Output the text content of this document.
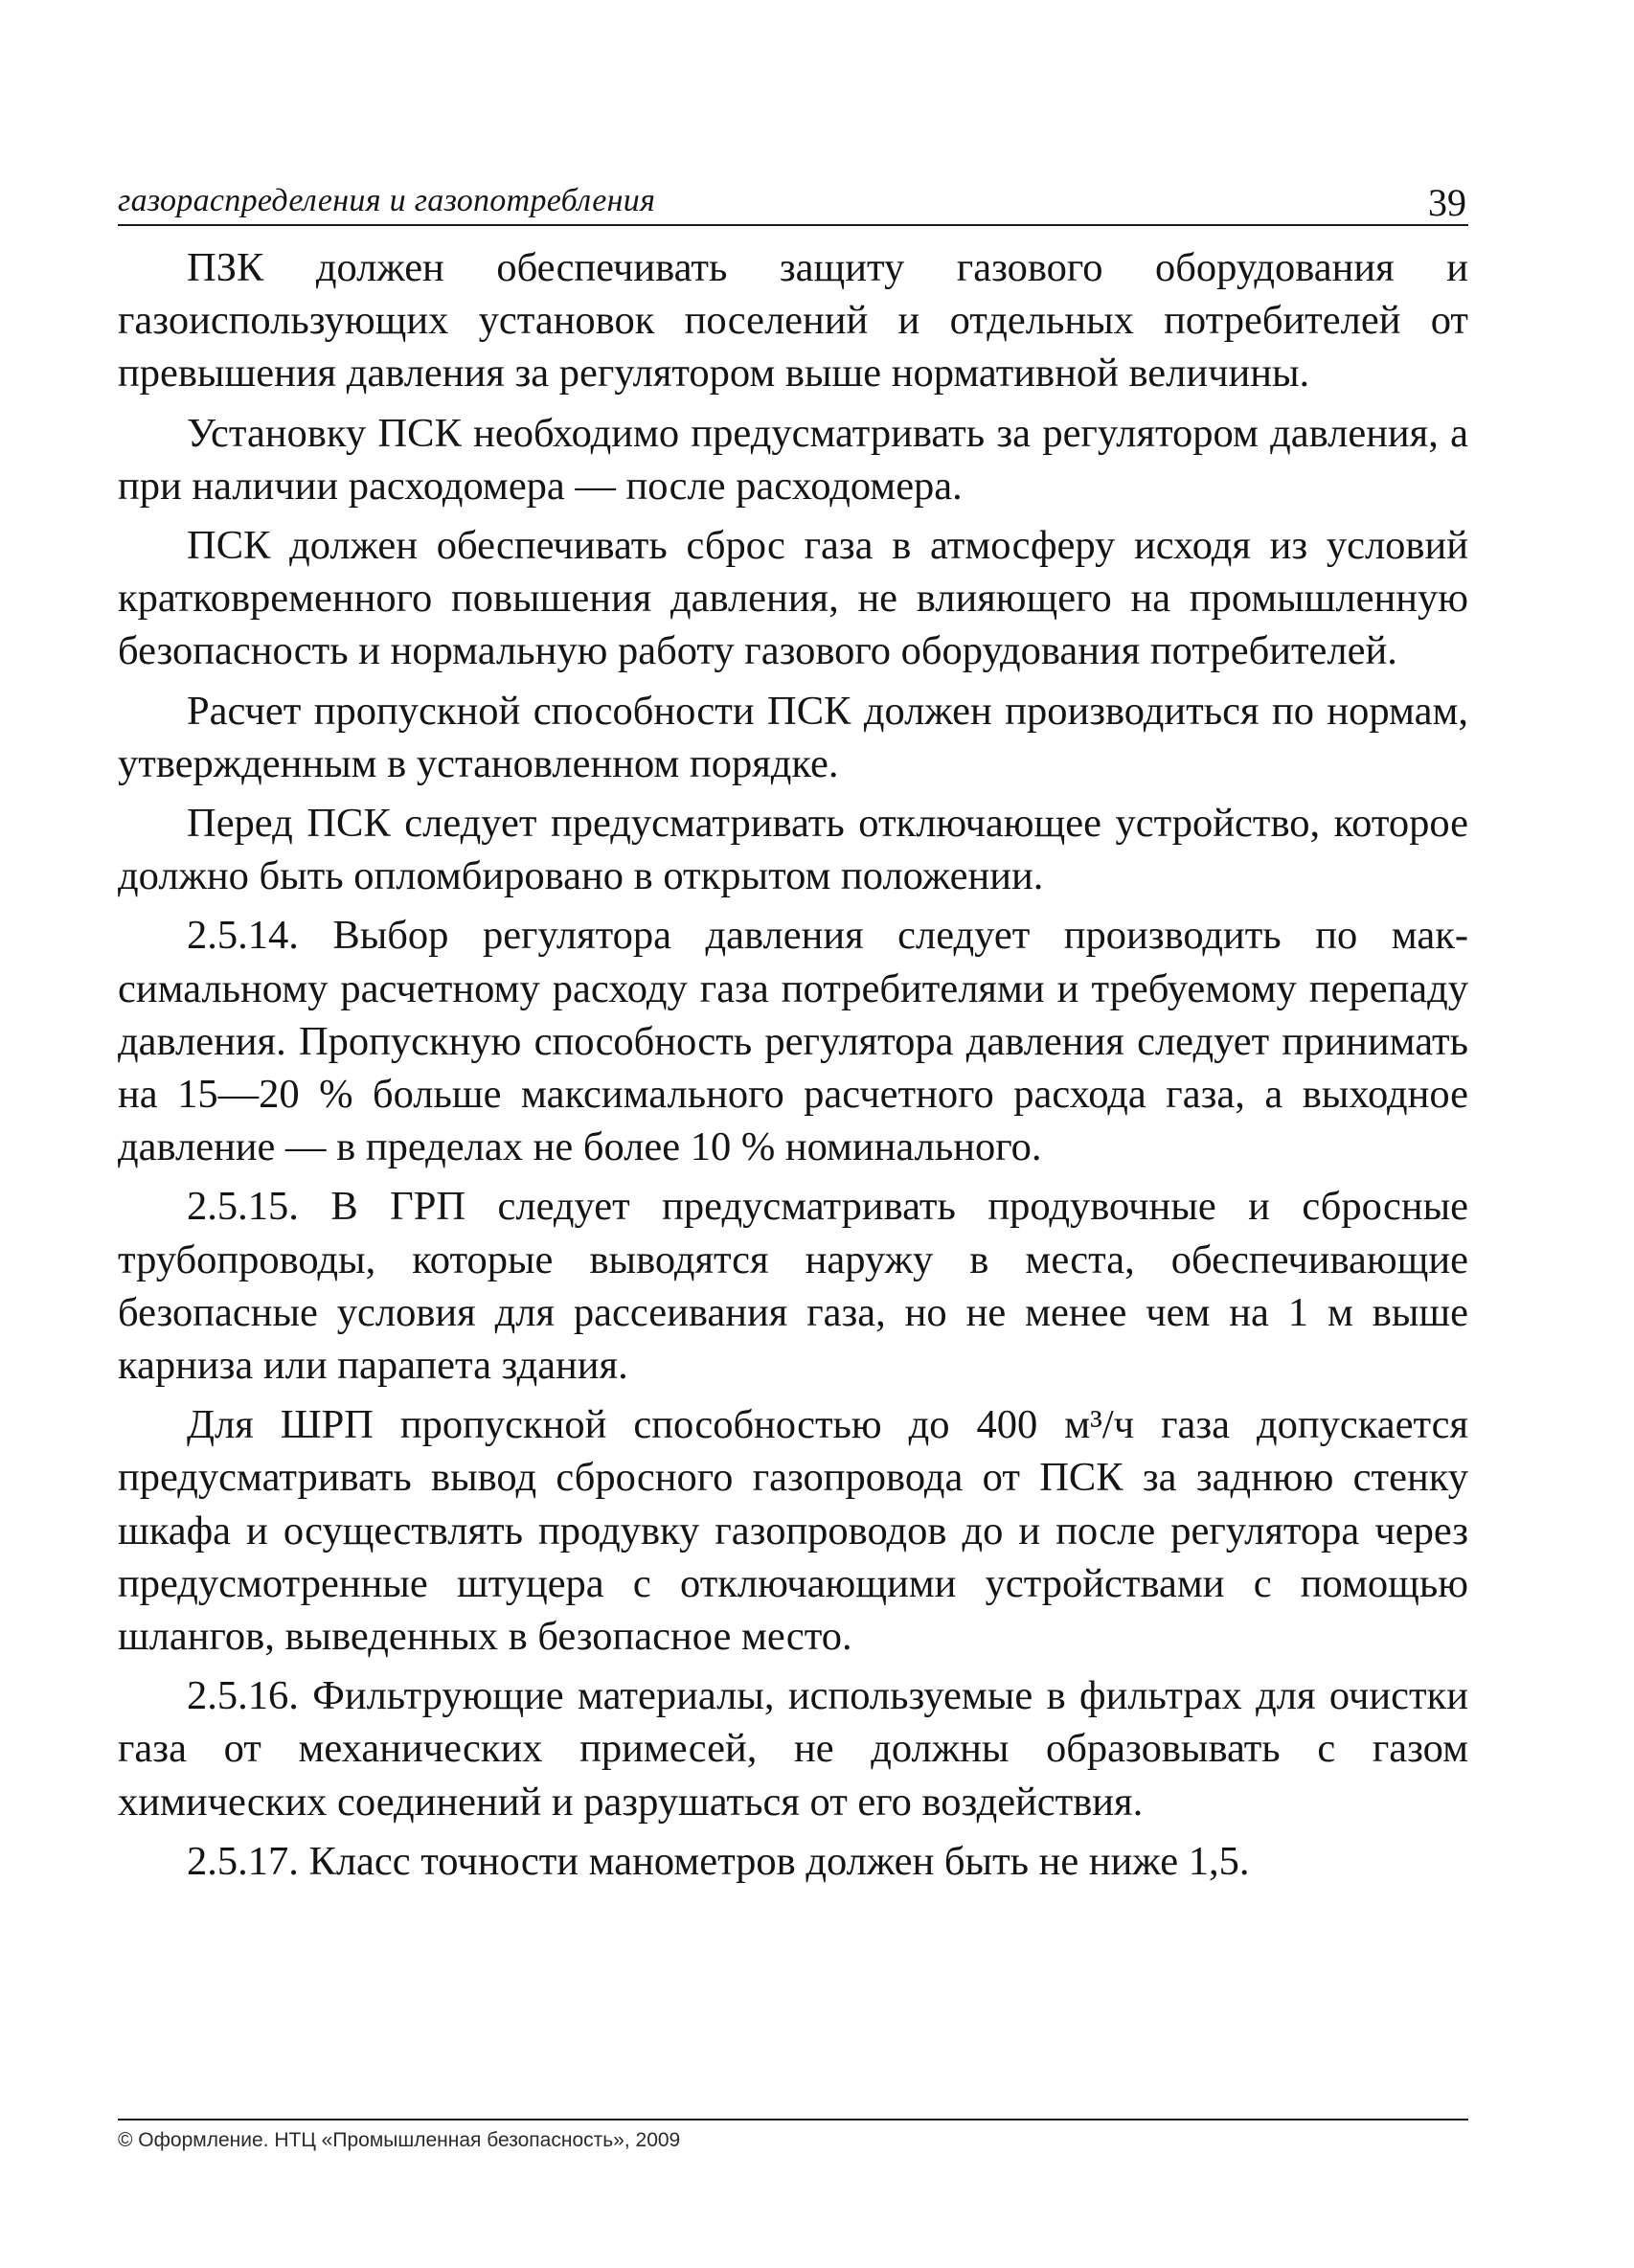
газораспределения и газопотребления	39

ПЗК должен обеспечивать защиту газового оборудования и газоиспользующих установок поселений и отдельных потребителей от превышения давления за регулятором выше нормативной величины.

Установку ПСК необходимо предусматривать за регулятором давления, а при наличии расходомера — после расходомера.

ПСК должен обеспечивать сброс газа в атмосферу исходя из условий кратковременного повышения давления, не влияющего на промышленную безопасность и нормальную работу газового оборудования потребителей.

Расчет пропускной способности ПСК должен производиться по нормам, утвержденным в установленном порядке.

Перед ПСК следует предусматривать отключающее устройство, которое должно быть опломбировано в открытом положении.

2.5.14. Выбор регулятора давления следует производить по максимальному расчетному расходу газа потребителями и требуемому перепаду давления. Пропускную способность регулятора давления следует принимать на 15—20 % больше максимального расчетного расхода газа, а выходное давление — в пределах не более 10 % номинального.

2.5.15. В ГРП следует предусматривать продувочные и сбросные трубопроводы, которые выводятся наружу в места, обеспечивающие безопасные условия для рассеивания газа, но не менее чем на 1 м выше карниза или парапета здания.

Для ШРП пропускной способностью до 400 м³/ч газа допускается предусматривать вывод сбросного газопровода от ПСК за заднюю стенку шкафа и осуществлять продувку газопроводов до и после регулятора через предусмотренные штуцера с отключающими устройствами с помощью шлангов, выведенных в безопасное место.

2.5.16. Фильтрующие материалы, используемые в фильтрах для очистки газа от механических примесей, не должны образовывать с газом химических соединений и разрушаться от его воздействия.

2.5.17. Класс точности манометров должен быть не ниже 1,5.

© Оформление. НТЦ «Промышленная безопасность», 2009
